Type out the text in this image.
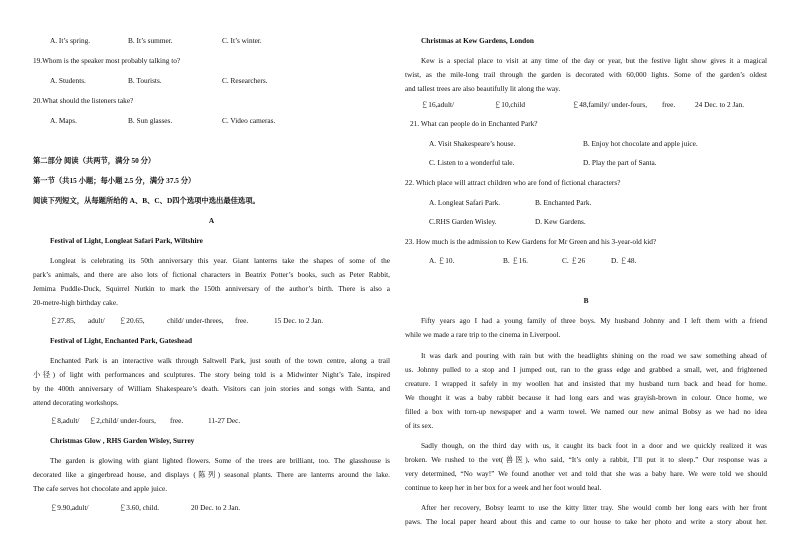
A. It’s spring.	B. It’s summer.	C. It’s winter.
19.Whom is the speaker most probably talking to?
A. Students.	B. Tourists.	C. Researchers.
20.What should the listeners take?
A. Maps.	B. Sun glasses.	C. Video cameras.
第二部分 阅读（共两节，满分 50 分）
第一节（共15 小题；每小题 2.5 分，满分 37.5 分）
阅读下列短文，从每题所给的 A、B、C、D四个选项中选出最佳选项。
A
Festival of Light, Longleat Safari Park, Wiltshire
Longleat is celebrating its 50th anniversary this year. Giant lanterns take the shapes of some of the
park’s animals, and there are also lots of fictional characters in Beatrix Potter’s books, such as Peter Rabbit,
Jemima Puddle-Duck, Squirrel Nutkin to mark the 150th anniversary of the author’s birth. There is also a
20-metre-high birthday cake.
￡27.85, adult/ ￡20.65,	child/ under-threes, free.	15 Dec. to 2 Jan.
Festival of Light, Enchanted Park, Gateshead
Enchanted Park is an interactive walk through Saltwell Park, just south of the town centre, along a trail
小径) of light with performances and sculptures. The story being told is a Midwinter Night’s Tale, inspired
by the 400th anniversary of William Shakespeare’s death. Visitors can join stories and songs with Santa, and
attend decorating workshops.
￡8,adult/ ￡2,child/ under-fours, free.	11-27 Dec.
Christmas Glow , RHS Garden Wisley, Surrey
The garden is glowing with giant lighted flowers. Some of the trees are brilliant, too. The glasshouse is
decorated like a gingerbread house, and displays (陈列) seasonal plants. There are lanterns around the lake.
The cafe serves hot chocolate and apple juice.
￡9.90,adult/	￡3.60, child.	20 Dec. to 2 Jan.
Christmas at Kew Gardens, London
Kew is a special place to visit at any time of the day or year, but the festive light show gives it a magical
twist, as the mile-long trail through the garden is decorated with 60,000 lights. Some of the garden’s oldest
and tallest trees are also beautifully lit along the way.
￡16,adult/	￡10,child	￡48,family/ under-fours, free.	24 Dec. to 2 Jan.
21. What can people do in Enchanted Park?
A. Visit Shakespeare’s house.	B. Enjoy hot chocolate and apple juice.
C. Listen to a wonderful tale.	D. Play the part of Santa.
22. Which place will attract children who are fond of fictional characters?
A. Longleat Safari Park.	B. Enchanted Park.
C.RHS Garden Wisley.	D. Kew Gardens.
23. How much is the admission to Kew Gardens for Mr Green and his 3-year-old kid?
A. ￡10.	B. ￡16.	C. ￡26	D. ￡48.
B
Fifty years ago I had a young family of three boys. My husband Johnny and I left them with a friend
while we made a rare trip to the cinema in Liverpool.
It was dark and pouring with rain but with the headlights shining on the road we saw something ahead of
us. Johnny pulled to a stop and I jumped out, ran to the grass edge and grabbed a small, wet, and frightened
creature. I wrapped it safely in my woollen hat and insisted that my husband turn back and head for home.
We thought it was a baby rabbit because it had long ears and was grayish-brown in colour. Once home, we
filled a box with torn-up newspaper and a warm towel. We named our new animal Bobsy as we had no idea
of its sex.
Sadly though, on the third day with us, it caught its back foot in a door and we quickly realized it was
broken. We rushed to the vet(兽医), who said, “It’s only a rabbit, I’ll put it to sleep.” Our response was a
very determined, “No way!” We found another vet and told that she was a baby hare. We were told we should
continue to keep her in her box for a week and her foot would heal.
After her recovery, Bobsy learnt to use the kitty litter tray. She would comb her long ears with her front
paws. The local paper heard about this and came to our house to take her photo and write a story about her.
